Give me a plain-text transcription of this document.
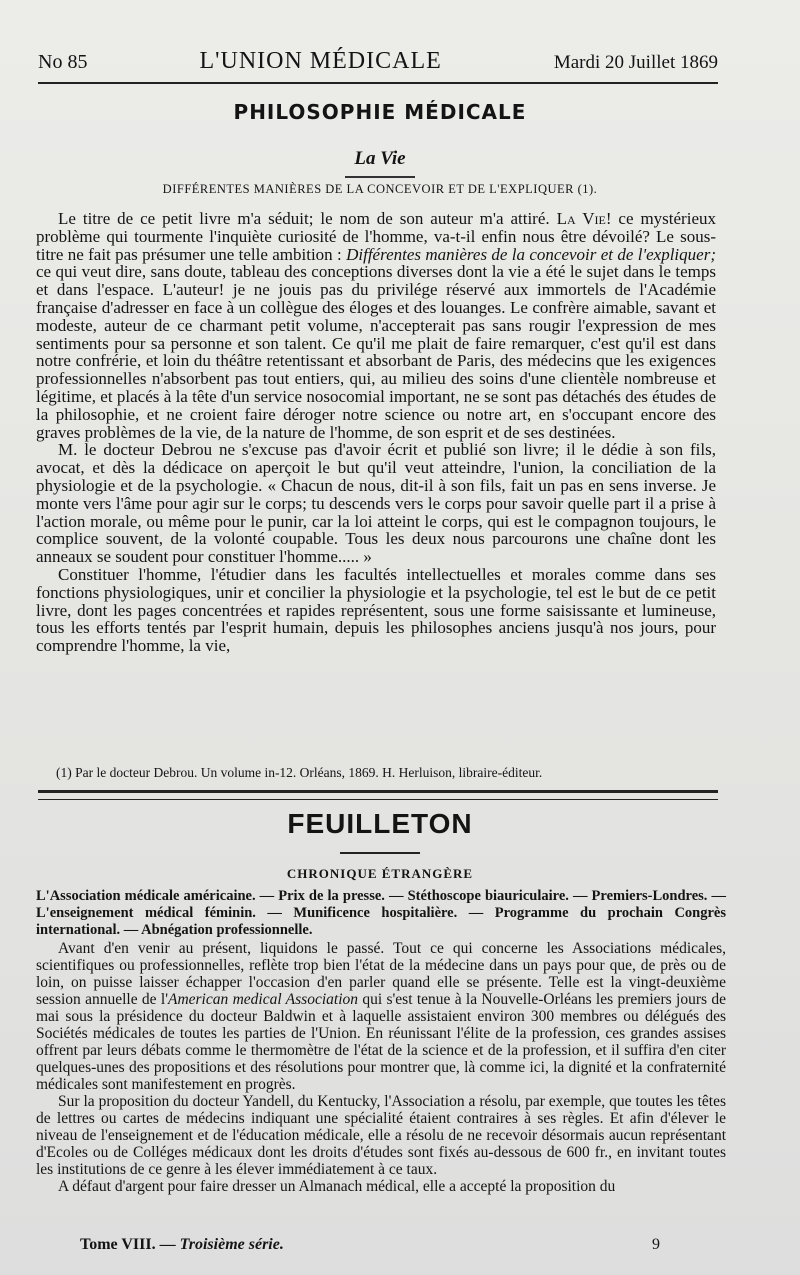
No 85	L'UNION MÉDICALE	Mardi 20 Juillet 1869
PHILOSOPHIE MÉDICALE
La Vie
DIFFÉRENTES MANIÈRES DE LA CONCEVOIR ET DE L'EXPLIQUER (1).

Le titre de ce petit livre m'a séduit; le nom de son auteur m'a attiré. La Vie! ce mystérieux problème qui tourmente l'inquiète curiosité de l'homme, va-t-il enfin nous être dévoilé? Le sous-titre ne fait pas présumer une telle ambition : Différentes manières de la concevoir et de l'expliquer; ce qui veut dire, sans doute, tableau des conceptions diverses dont la vie a été le sujet dans le temps et dans l'espace. L'auteur! je ne jouis pas du privilége réservé aux immortels de l'Académie française d'adresser en face à un collègue des éloges et des louanges. Le confrère aimable, savant et modeste, auteur de ce charmant petit volume, n'accepterait pas sans rougir l'expression de mes sentiments pour sa personne et son talent. Ce qu'il me plait de faire remarquer, c'est qu'il est dans notre confrérie, et loin du théâtre retentissant et absorbant de Paris, des médecins que les exigences professionnelles n'absorbent pas tout entiers, qui, au milieu des soins d'une clientèle nombreuse et légitime, et placés à la tête d'un service nosocomial important, ne se sont pas détachés des études de la philosophie, et ne croient faire déroger notre science ou notre art, en s'occupant encore des graves problèmes de la vie, de la nature de l'homme, de son esprit et de ses destinées.

M. le docteur Debrou ne s'excuse pas d'avoir écrit et publié son livre; il le dédie à son fils, avocat, et dès la dédicace on aperçoit le but qu'il veut atteindre, l'union, la conciliation de la physiologie et de la psychologie. « Chacun de nous, dit-il à son fils, fait un pas en sens inverse. Je monte vers l'âme pour agir sur le corps; tu descends vers le corps pour savoir quelle part il a prise à l'action morale, ou même pour le punir, car la loi atteint le corps, qui est le compagnon toujours, le complice souvent, de la volonté coupable. Tous les deux nous parcourons une chaîne dont les anneaux se soudent pour constituer l'homme..... »

Constituer l'homme, l'étudier dans les facultés intellectuelles et morales comme dans ses fonctions physiologiques, unir et concilier la physiologie et la psychologie, tel est le but de ce petit livre, dont les pages concentrées et rapides représentent, sous une forme saisissante et lumineuse, tous les efforts tentés par l'esprit humain, depuis les philosophes anciens jusqu'à nos jours, pour comprendre l'homme, la vie,

(1) Par le docteur Debrou. Un volume in-12. Orléans, 1869. H. Herluison, libraire-éditeur.
FEUILLETON
CHRONIQUE ÉTRANGÈRE
L'Association médicale américaine. — Prix de la presse. — Stéthoscope biauriculaire. — Premiers-Londres. — L'enseignement médical féminin. — Munificence hospitalière. — Programme du prochain Congrès international. — Abnégation professionnelle.

Avant d'en venir au présent, liquidons le passé. Tout ce qui concerne les Associations médicales, scientifiques ou professionnelles, reflète trop bien l'état de la médecine dans un pays pour que, de près ou de loin, on puisse laisser échapper l'occasion d'en parler quand elle se présente. Telle est la vingt-deuxième session annuelle de l'American medical Association qui s'est tenue à la Nouvelle-Orléans les premiers jours de mai sous la présidence du docteur Baldwin et à laquelle assistaient environ 300 membres ou délégués des Sociétés médicales de toutes les parties de l'Union. En réunissant l'élite de la profession, ces grandes assises offrent par leurs débats comme le thermomètre de l'état de la science et de la profession, et il suffira d'en citer quelques-unes des propositions et des résolutions pour montrer que, là comme ici, la dignité et la confraternité médicales sont manifestement en progrès.

Sur la proposition du docteur Yandell, du Kentucky, l'Association a résolu, par exemple, que toutes les têtes de lettres ou cartes de médecins indiquant une spécialité étaient contraires à ses règles. Et afin d'élever le niveau de l'enseignement et de l'éducation médicale, elle a résolu de ne recevoir désormais aucun représentant d'Ecoles ou de Colléges médicaux dont les droits d'études sont fixés au-dessous de 600 fr., en invitant toutes les institutions de ce genre à les élever immédiatement à ce taux.

A défaut d'argent pour faire dresser un Almanach médical, elle a accepté la proposition du

Tome VIII. — Troisième série.	9
